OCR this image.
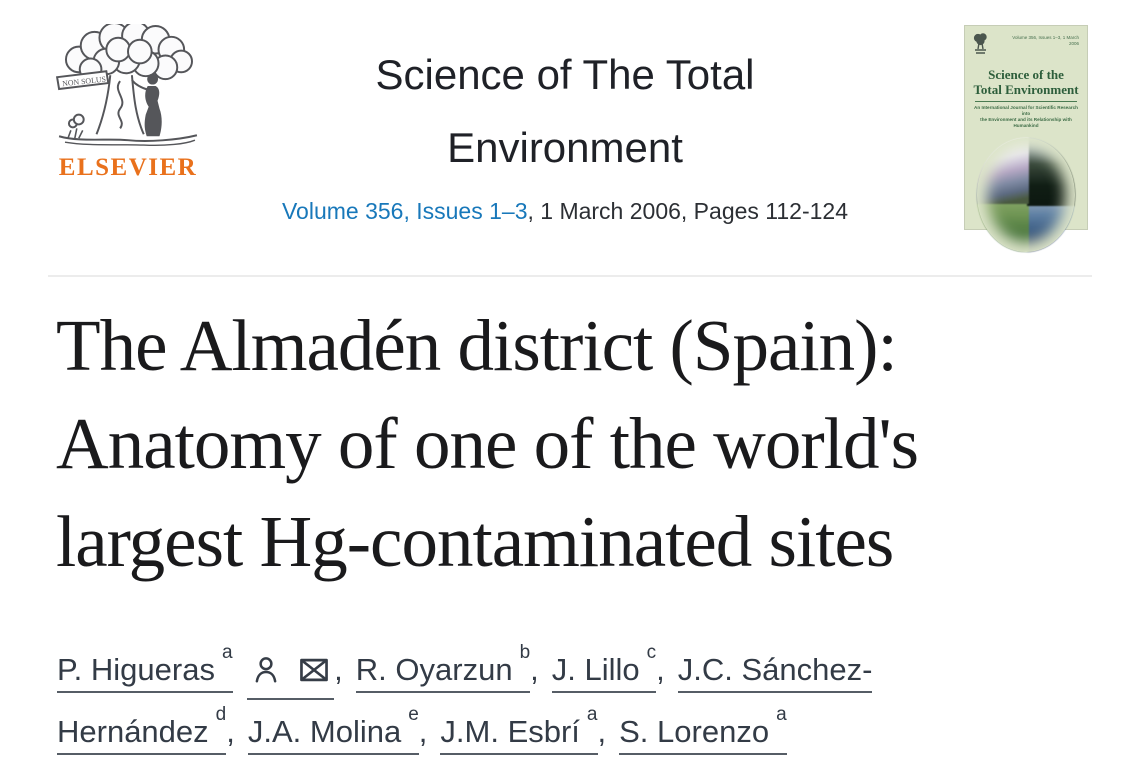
NON SOLUS
ELSEVIER
Science of The Total
Environment
Volume 356, Issues 1–3, 1 March 2006, Pages 112-124
Volume 356, Issues 1–3, 1 March 2006
Science of the
Total Environment
An International Journal for Scientific Research into
the Environment and its Relationship with Humankind
The Almadén district (Spain):
Anatomy of one of the world's
largest Hg-contaminated sites
P. Higueras $^a$	, R. Oyarzun $^b$, J. Lillo $^c$, J.C. Sánchez-
Hernández $^d$, J.A. Molina $^e$, J.M. Esbrí $^a$, S. Lorenzo $^a$
